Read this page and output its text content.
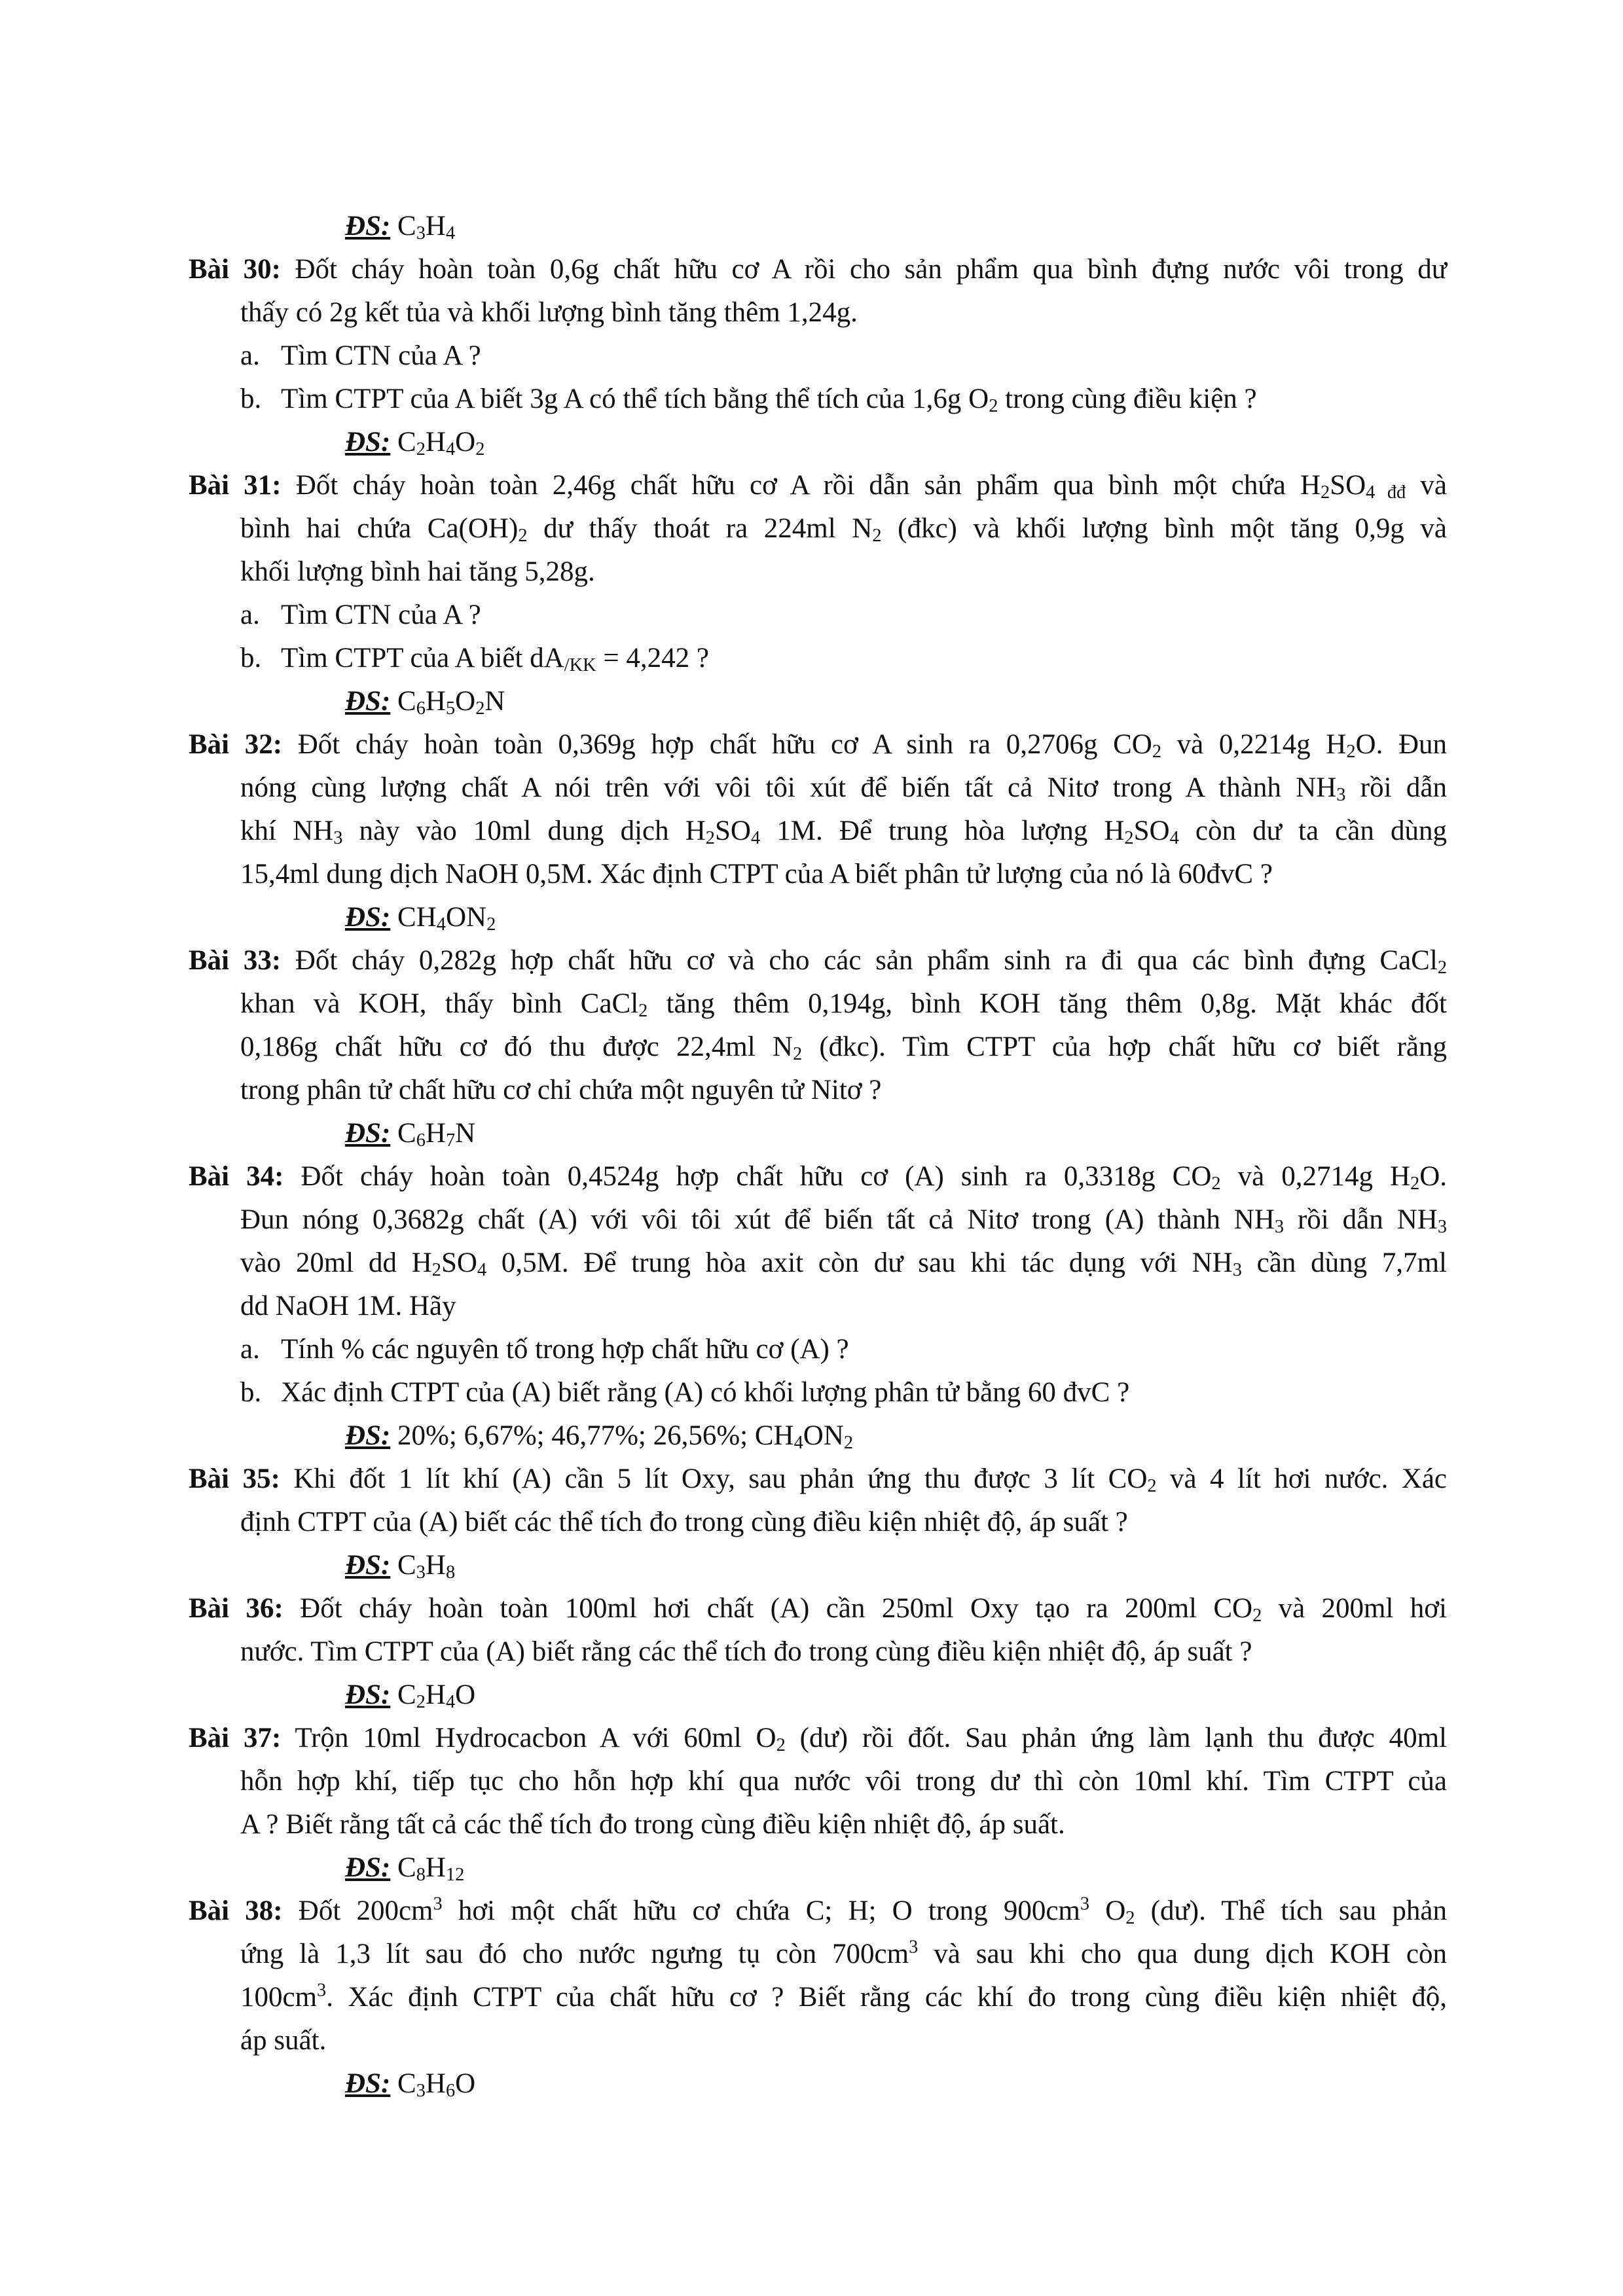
ĐS: $C_3H_4$
Bài 30: Đốt cháy hoàn toàn 0,6g chất hữu cơ A rồi cho sản phẩm qua bình đựng nước vôi trong dư
thấy có 2g kết tủa và khối lượng bình tăng thêm 1,24g.
a. Tìm CTN của A ?
b. Tìm CTPT của A biết 3g A có thể tích bằng thể tích của 1,6g $O_2$ trong cùng điều kiện ?
ĐS: $C_2H_4O_2$
Bài 31: Đốt cháy hoàn toàn 2,46g chất hữu cơ A rồi dẫn sản phẩm qua bình một chứa $H_2SO_{4 đđ}$ và
bình hai chứa $Ca(OH)_2$ dư thấy thoát ra 224ml $N_2$ (đkc) và khối lượng bình một tăng 0,9g và
khối lượng bình hai tăng 5,28g.
a. Tìm CTN của A ?
b. Tìm CTPT của A biết $dA_{/KK} = 4,242$ ?
ĐS: $C_6H_5O_2N$
Bài 32: Đốt cháy hoàn toàn 0,369g hợp chất hữu cơ A sinh ra 0,2706g $CO_2$ và 0,2214g $H_2O$. Đun
nóng cùng lượng chất A nói trên với vôi tôi xút để biến tất cả Nitơ trong A thành $NH_3$ rồi dẫn
khí $NH_3$ này vào 10ml dung dịch $H_2SO_4$ 1M. Để trung hòa lượng $H_2SO_4$ còn dư ta cần dùng
15,4ml dung dịch NaOH 0,5M. Xác định CTPT của A biết phân tử lượng của nó là 60đvC ?
ĐS: $CH_4ON_2$
Bài 33: Đốt cháy 0,282g hợp chất hữu cơ và cho các sản phẩm sinh ra đi qua các bình đựng CaCl$_2$
khan và KOH, thấy bình CaCl$_2$ tăng thêm 0,194g, bình KOH tăng thêm 0,8g. Mặt khác đốt
0,186g chất hữu cơ đó thu được 22,4ml $N_2$ (đkc). Tìm CTPT của hợp chất hữu cơ biết rằng
trong phân tử chất hữu cơ chỉ chứa một nguyên tử Nitơ ?
ĐS: $C_6H_7N$
Bài 34: Đốt cháy hoàn toàn 0,4524g hợp chất hữu cơ (A) sinh ra 0,3318g $CO_2$ và 0,2714g $H_2O$.
Đun nóng 0,3682g chất (A) với vôi tôi xút để biến tất cả Nitơ trong (A) thành $NH_3$ rồi dẫn $NH_3$
vào 20ml dd $H_2SO_4$ 0,5M. Để trung hòa axit còn dư sau khi tác dụng với $NH_3$ cần dùng 7,7ml
dd NaOH 1M. Hãy
a. Tính % các nguyên tố trong hợp chất hữu cơ (A) ?
b. Xác định CTPT của (A) biết rằng (A) có khối lượng phân tử bằng 60 đvC ?
ĐS: 20%; 6,67%; 46,77%; 26,56%; $CH_4ON_2$
Bài 35: Khi đốt 1 lít khí (A) cần 5 lít Oxy, sau phản ứng thu được 3 lít $CO_2$ và 4 lít hơi nước. Xác
định CTPT của (A) biết các thể tích đo trong cùng điều kiện nhiệt độ, áp suất ?
ĐS: $C_3H_8$
Bài 36: Đốt cháy hoàn toàn 100ml hơi chất (A) cần 250ml Oxy tạo ra 200ml $CO_2$ và 200ml hơi
nước. Tìm CTPT của (A) biết rằng các thể tích đo trong cùng điều kiện nhiệt độ, áp suất ?
ĐS: $C_2H_4O$
Bài 37: Trộn 10ml Hydrocacbon A với 60ml $O_2$ (dư) rồi đốt. Sau phản ứng làm lạnh thu được 40ml
hỗn hợp khí, tiếp tục cho hỗn hợp khí qua nước vôi trong dư thì còn 10ml khí. Tìm CTPT của
A ? Biết rằng tất cả các thể tích đo trong cùng điều kiện nhiệt độ, áp suất.
ĐS: $C_8H_{12}$
Bài 38: Đốt $200cm^3$ hơi một chất hữu cơ chứa C; H; O trong $900cm^3$ $O_2$ (dư). Thể tích sau phản
ứng là 1,3 lít sau đó cho nước ngưng tụ còn $700cm^3$ và sau khi cho qua dung dịch KOH còn
$100cm^3$. Xác định CTPT của chất hữu cơ ? Biết rằng các khí đo trong cùng điều kiện nhiệt độ,
áp suất.
ĐS: $C_3H_6O$
